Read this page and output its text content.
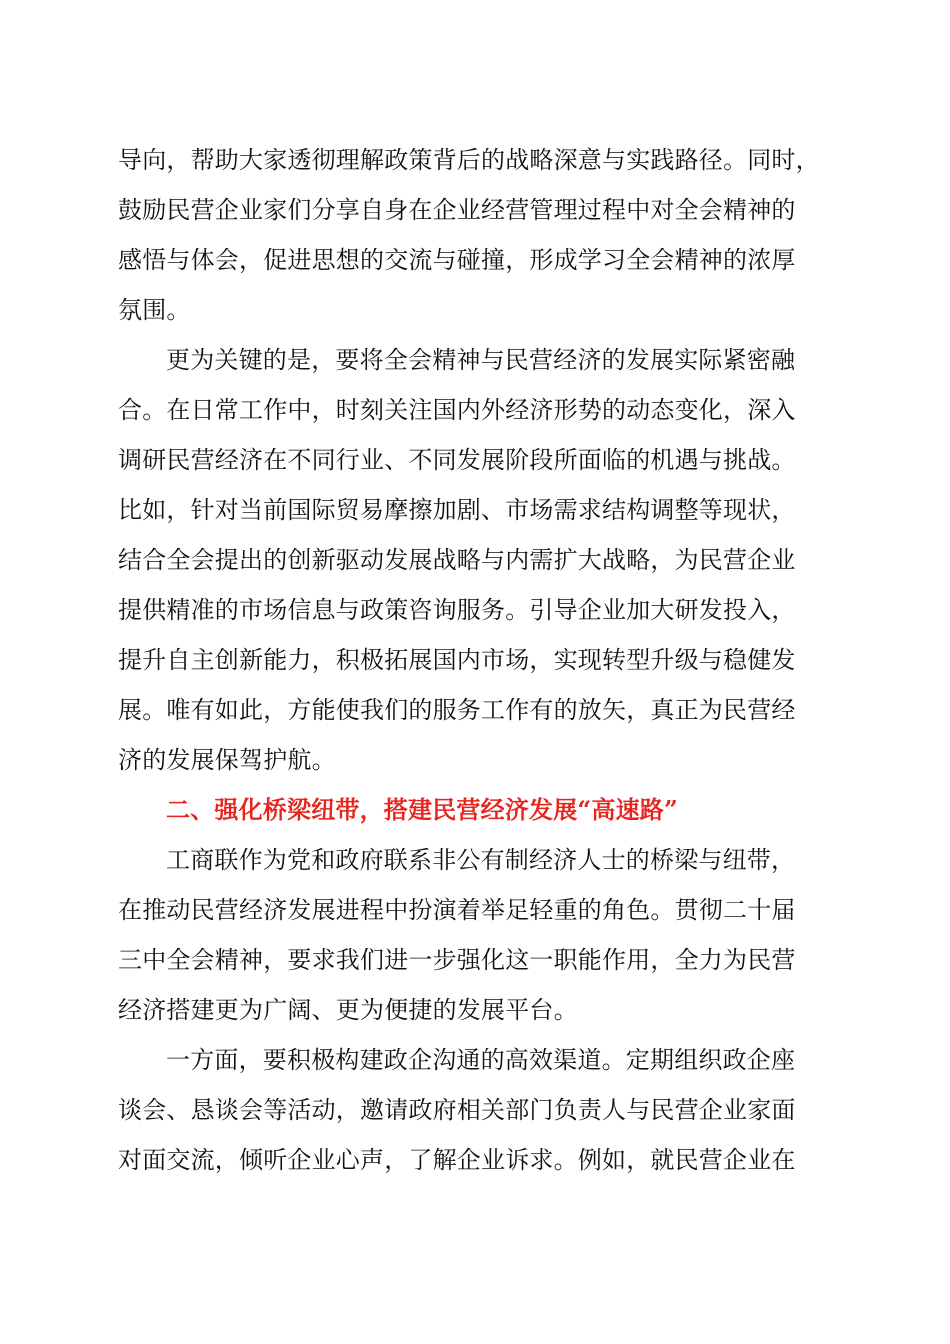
导向，帮助大家透彻理解政策背后的战略深意与实践路径。同时，
鼓励民营企业家们分享自身在企业经营管理过程中对全会精神的
感悟与体会，促进思想的交流与碰撞，形成学习全会精神的浓厚
氛围。
更为关键的是，要将全会精神与民营经济的发展实际紧密融
合。在日常工作中，时刻关注国内外经济形势的动态变化，深入
调研民营经济在不同行业、不同发展阶段所面临的机遇与挑战。
比如，针对当前国际贸易摩擦加剧、市场需求结构调整等现状，
结合全会提出的创新驱动发展战略与内需扩大战略，为民营企业
提供精准的市场信息与政策咨询服务。引导企业加大研发投入，
提升自主创新能力，积极拓展国内市场，实现转型升级与稳健发
展。唯有如此，方能使我们的服务工作有的放矢，真正为民营经
济的发展保驾护航。
二、强化桥梁纽带，搭建民营经济发展“高速路”
工商联作为党和政府联系非公有制经济人士的桥梁与纽带，
在推动民营经济发展进程中扮演着举足轻重的角色。贯彻二十届
三中全会精神，要求我们进一步强化这一职能作用，全力为民营
经济搭建更为广阔、更为便捷的发展平台。
一方面，要积极构建政企沟通的高效渠道。定期组织政企座
谈会、恳谈会等活动，邀请政府相关部门负责人与民营企业家面
对面交流，倾听企业心声，了解企业诉求。例如，就民营企业在
